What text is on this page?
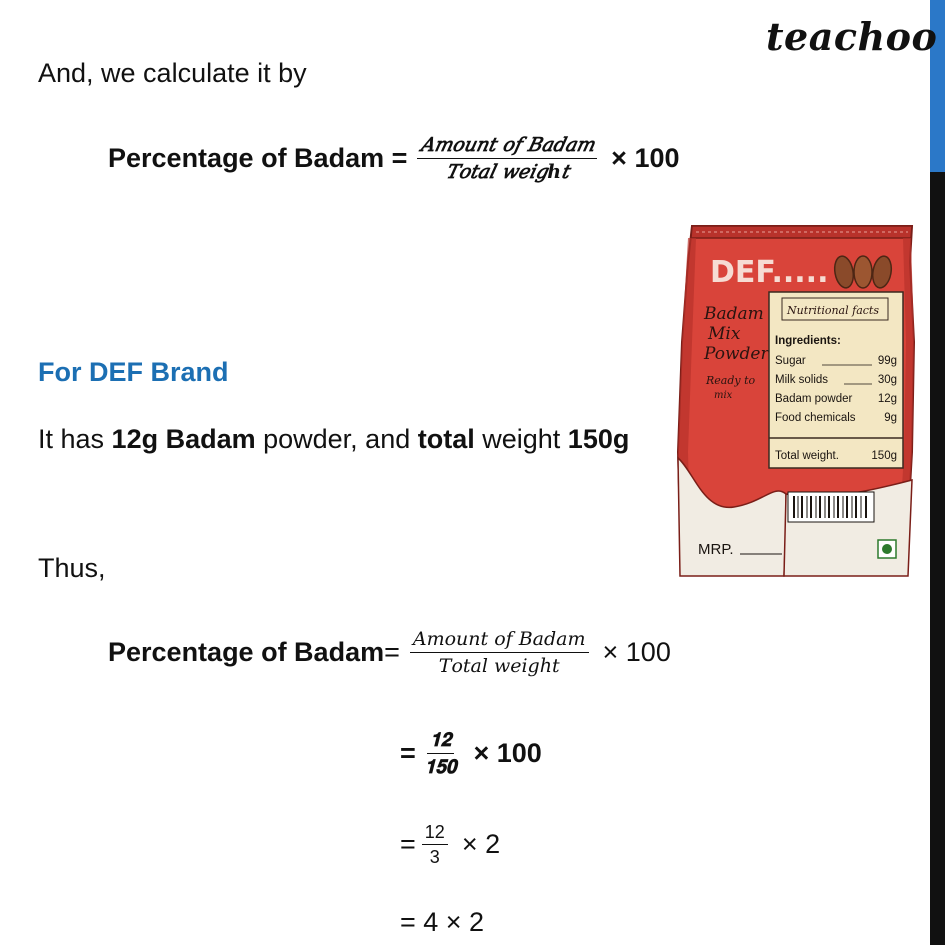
teachoo
And, we calculate it by
Percentage of Badam = $\frac{\text{𝐴𝑚𝑜𝑢𝑛𝑡 𝑜𝑓 𝐵𝑎𝑑𝑎𝑚}}{\text{𝑇𝑜𝑡𝑎𝑙 𝑤𝑒𝑖𝑔ℎ𝑡}} \times 100$
For DEF Brand
It has 12g Badam powder, and total weight 150g
Thus,
Percentage of Badam = $\frac{\text{𝐴𝑚𝑜𝑢𝑛𝑡 𝑜𝑓 𝐵𝑎𝑑𝑎𝑚}}{\text{𝑇𝑜𝑡𝑎𝑙 𝑤𝑒𝑖𝑔ℎ𝑡}} \times 100$
= $\frac{𝟏𝟐}{𝟏𝟓𝟎} \times 100$
= $\frac{12}{3} \times 2$
= 4 × 2
DEF.....
Badam
Mix
Powder
Ready to
mix
Nutritional facts
Ingredients:
Sugar	99g
Milk solids	30g
Badam powder 12g
Food chemicals 9g
Total weight.	150g
MRP.
